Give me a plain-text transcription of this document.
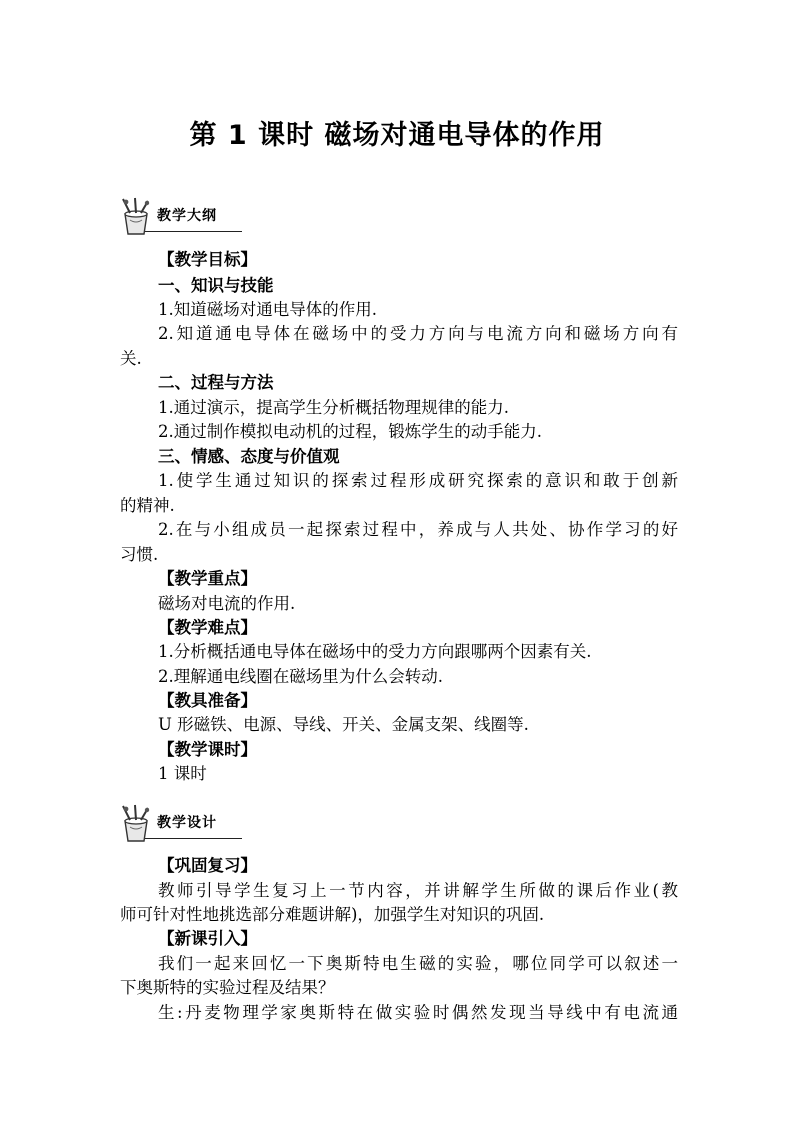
第 1 课时 磁场对通电导体的作用
教学大纲
【教学目标】
一、知识与技能
1.知道磁场对通电导体的作用.
2.知道通电导体在磁场中的受力方向与电流方向和磁场方向有
关.
二、过程与方法
1.通过演示，提高学生分析概括物理规律的能力.
2.通过制作模拟电动机的过程，锻炼学生的动手能力.
三、情感、态度与价值观
1.使学生通过知识的探索过程形成研究探索的意识和敢于创新
的精神.
2.在与小组成员一起探索过程中，养成与人共处、协作学习的好
习惯.
【教学重点】
磁场对电流的作用.
【教学难点】
1.分析概括通电导体在磁场中的受力方向跟哪两个因素有关.
2.理解通电线圈在磁场里为什么会转动.
【教具准备】
U 形磁铁、电源、导线、开关、金属支架、线圈等.
【教学课时】
1 课时
教学设计
【巩固复习】
教师引导学生复习上一节内容，并讲解学生所做的课后作业(教
师可针对性地挑选部分难题讲解)，加强学生对知识的巩固.
【新课引入】
我们一起来回忆一下奥斯特电生磁的实验，哪位同学可以叙述一
下奥斯特的实验过程及结果？
生:丹麦物理学家奥斯特在做实验时偶然发现当导线中有电流通
